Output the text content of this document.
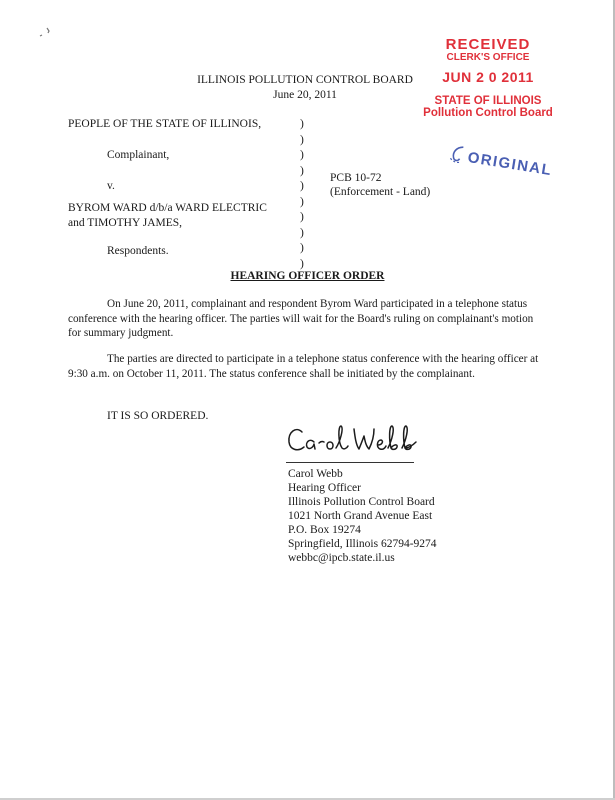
RECEIVED
CLERK'S OFFICE
JUN 2 0 2011
STATE OF ILLINOIS
Pollution Control Board
ORIGINAL
ILLINOIS POLLUTION CONTROL BOARD
June 20, 2011
PEOPLE OF THE STATE OF ILLINOIS,
Complainant,
v.
BYROM WARD d/b/a WARD ELECTRIC
and TIMOTHY JAMES,
Respondents.
)
)
)
)
)
)
)
)
)
)
PCB 10-72
(Enforcement - Land)
HEARING OFFICER ORDER
On June 20, 2011, complainant and respondent Byrom Ward participated in a telephone status conference with the hearing officer. The parties will wait for the Board's ruling on complainant's motion for summary judgment.
The parties are directed to participate in a telephone status conference with the hearing officer at 9:30 a.m. on October 11, 2011. The status conference shall be initiated by the complainant.
IT IS SO ORDERED.
Carol Webb
Hearing Officer
Illinois Pollution Control Board
1021 North Grand Avenue East
P.O. Box 19274
Springfield, Illinois 62794-9274
webbc@ipcb.state.il.us
